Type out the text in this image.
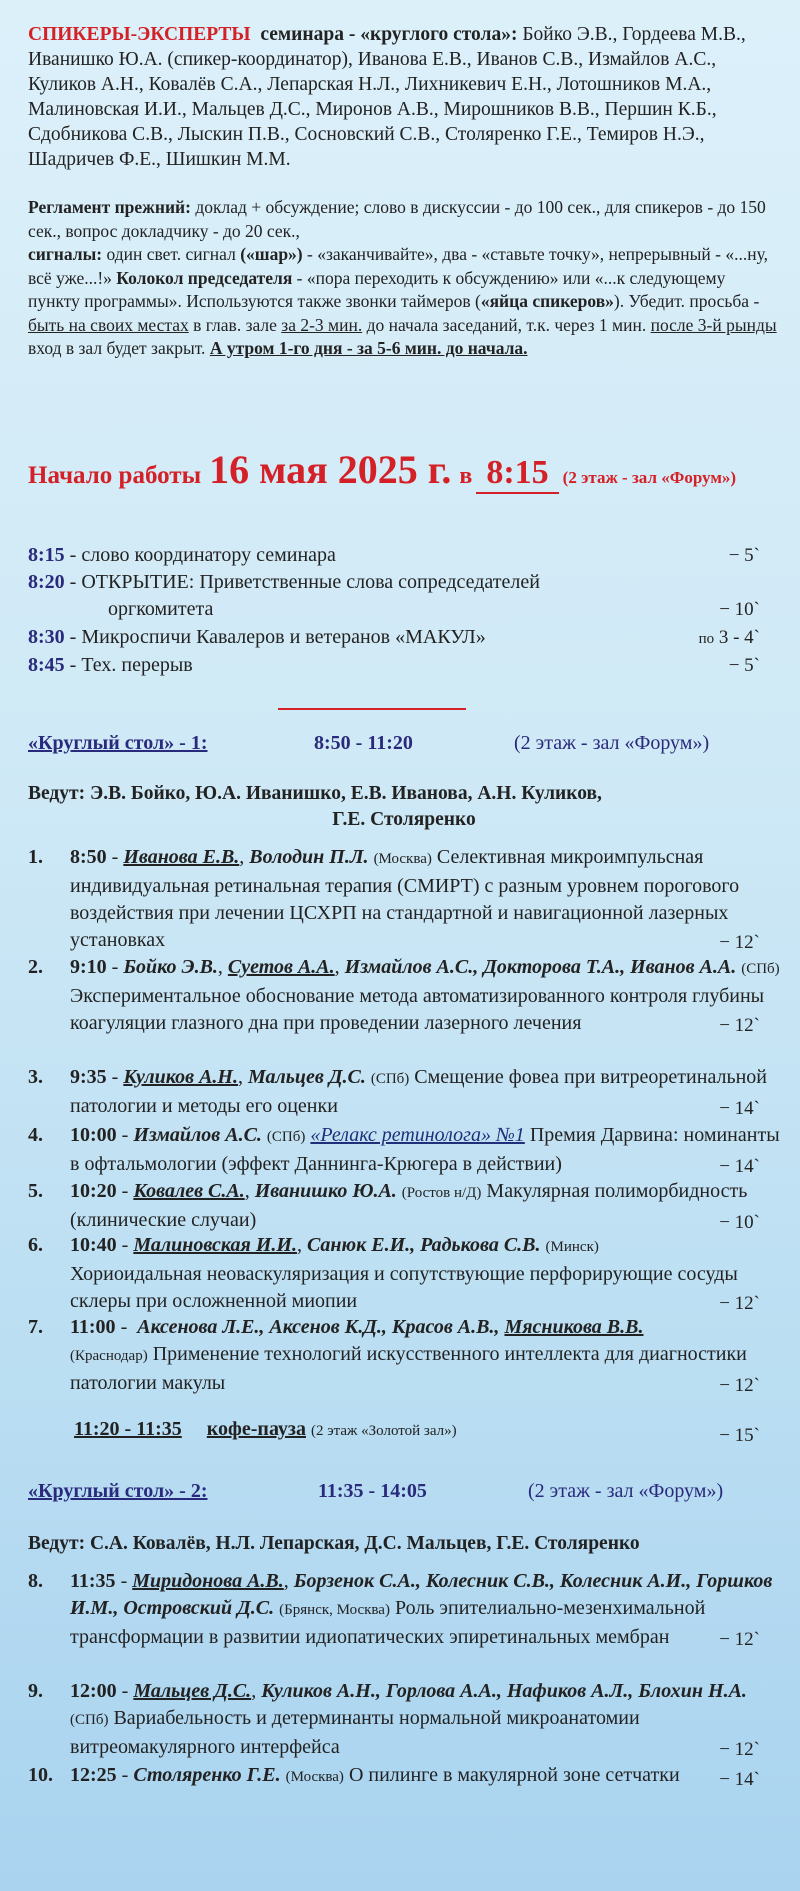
СПИКЕРЫ-ЭКСПЕРТЫ семинара - «круглого стола»: Бойко Э.В., Гордеева М.В., Иванишко Ю.А. (спикер-координатор), Иванова Е.В., Иванов С.В., Измайлов А.С., Куликов А.Н., Ковалёв С.А., Лепарская Н.Л., Лихникевич Е.Н., Лотошников М.А., Малиновская И.И., Мальцев Д.С., Миронов А.В., Мирошников В.В., Першин К.Б., Сдобникова С.В., Лыскин П.В., Сосновский С.В., Столяренко Г.Е., Темиров Н.Э., Шадричев Ф.Е., Шишкин М.М.
Регламент прежний: доклад + обсуждение; слово в дискуссии - до 100 сек., для спикеров - до 150 сек., вопрос докладчику - до 20 сек.,
сигналы: один свет. сигнал («шар») - «заканчивайте», два - «ставьте точку», непрерывный - «...ну, всё уже...!» Колокол председателя - «пора переходить к обсуждению» или «...к следующему пункту программы». Используются также звонки таймеров («яйца спикеров»). Убедит. просьба - быть на своих местах в глав. зале за 2-3 мин. до начала заседаний, т.к. через 1 мин. после 3-й рынды вход в зал будет закрыт. А утром 1-го дня - за 5-6 мин. до начала.
Начало работы 16 мая 2025 г. в 8:15 (2 этаж - зал «Форум»)
8:15 - слово координатору семинара	− 5`
8:20 - ОТКРЫТИЕ: Приветственные слова сопредседателей
оргкомитета	− 10`
8:30 - Микроспичи Кавалеров и ветеранов «МАКУЛ»	по 3 - 4`
8:45 - Тех. перерыв	− 5`
«Круглый стол» - 1:	8:50 - 11:20	(2 этаж - зал «Форум»)
Ведут: Э.В. Бойко, Ю.А. Иванишко, Е.В. Иванова, А.Н. Куликов,
Г.Е. Столяренко
1. 8:50 - Иванова Е.В., Володин П.Л. (Москва) Селективная микроимпульсная индивидуальная ретинальная терапия (СМИРТ) с разным уровнем порогового воздействия при лечении ЦСХРП на стандартной и навигационной лазерных установках	− 12`
2. 9:10 - Бойко Э.В., Суетов А.А., Измайлов А.С., Докторова Т.А., Иванов А.А. (СПб) Экспериментальное обоснование метода автоматизированного контроля глубины коагуляции глазного дна при проведении лазерного лечения	− 12`
3. 9:35 - Куликов А.Н., Мальцев Д.С. (СПб) Смещение фовеа при витреоретинальной патологии и методы его оценки	− 14`
4. 10:00 - Измайлов А.С. (СПб) «Релакс ретинолога» №1 Премия Дарвина: номинанты в офтальмологии (эффект Даннинга-Крюгера в действии)	− 14`
5. 10:20 - Ковалев С.А., Иванишко Ю.А. (Ростов н/Д) Макулярная полиморбидность (клинические случаи)	− 10`
6. 10:40 - Малиновская И.И., Санюк Е.И., Радькова С.В. (Минск)
Хориоидальная неоваскуляризация и сопутствующие перфорирующие сосуды склеры при осложненной миопии	− 12`
7. 11:00 -  Аксенова Л.Е., Аксенов К.Д., Красов А.В., Мясникова В.В.
(Краснодар) Применение технологий искусственного интеллекта для диагностики патологии макулы	− 12`
11:20 - 11:35 кофе-пауза (2 этаж «Золотой зал»)	− 15`
«Круглый стол» - 2:	11:35 - 14:05	(2 этаж - зал «Форум»)
Ведут: С.А. Ковалёв, Н.Л. Лепарская, Д.С. Мальцев, Г.Е. Столяренко
8. 11:35 - Миридонова А.В., Борзенок С.А., Колесник С.В., Колесник А.И., Горшков И.М., Островский Д.С. (Брянск, Москва) Роль эпителиально-мезенхимальной трансформации в развитии идиопатических эпиретинальных мембран	− 12`
9. 12:00 - Мальцев Д.С., Куликов А.Н., Горлова А.А., Нафиков А.Л., Блохин Н.А. (СПб) Вариабельность и детерминанты нормальной микроанатомии витреомакулярного интерфейса	− 12`
10. 12:25 - Столяренко Г.Е. (Москва) О пилинге в макулярной зоне сетчатки	− 14`
